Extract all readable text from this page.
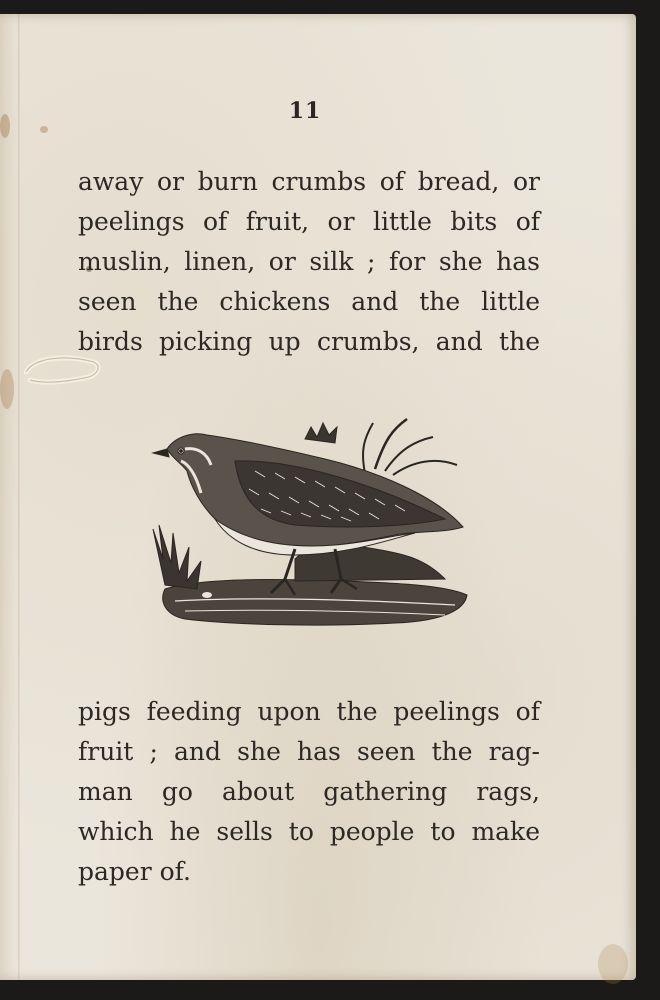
11
away or burn crumbs of bread, or
peelings of fruit, or little bits of
muslin, linen, or silk ; for she has
seen the chickens and the little
birds picking up crumbs, and the
pigs feeding upon the peelings of
fruit ; and she has seen the rag-
man go about gathering rags,
which he sells to people to make
paper of.
